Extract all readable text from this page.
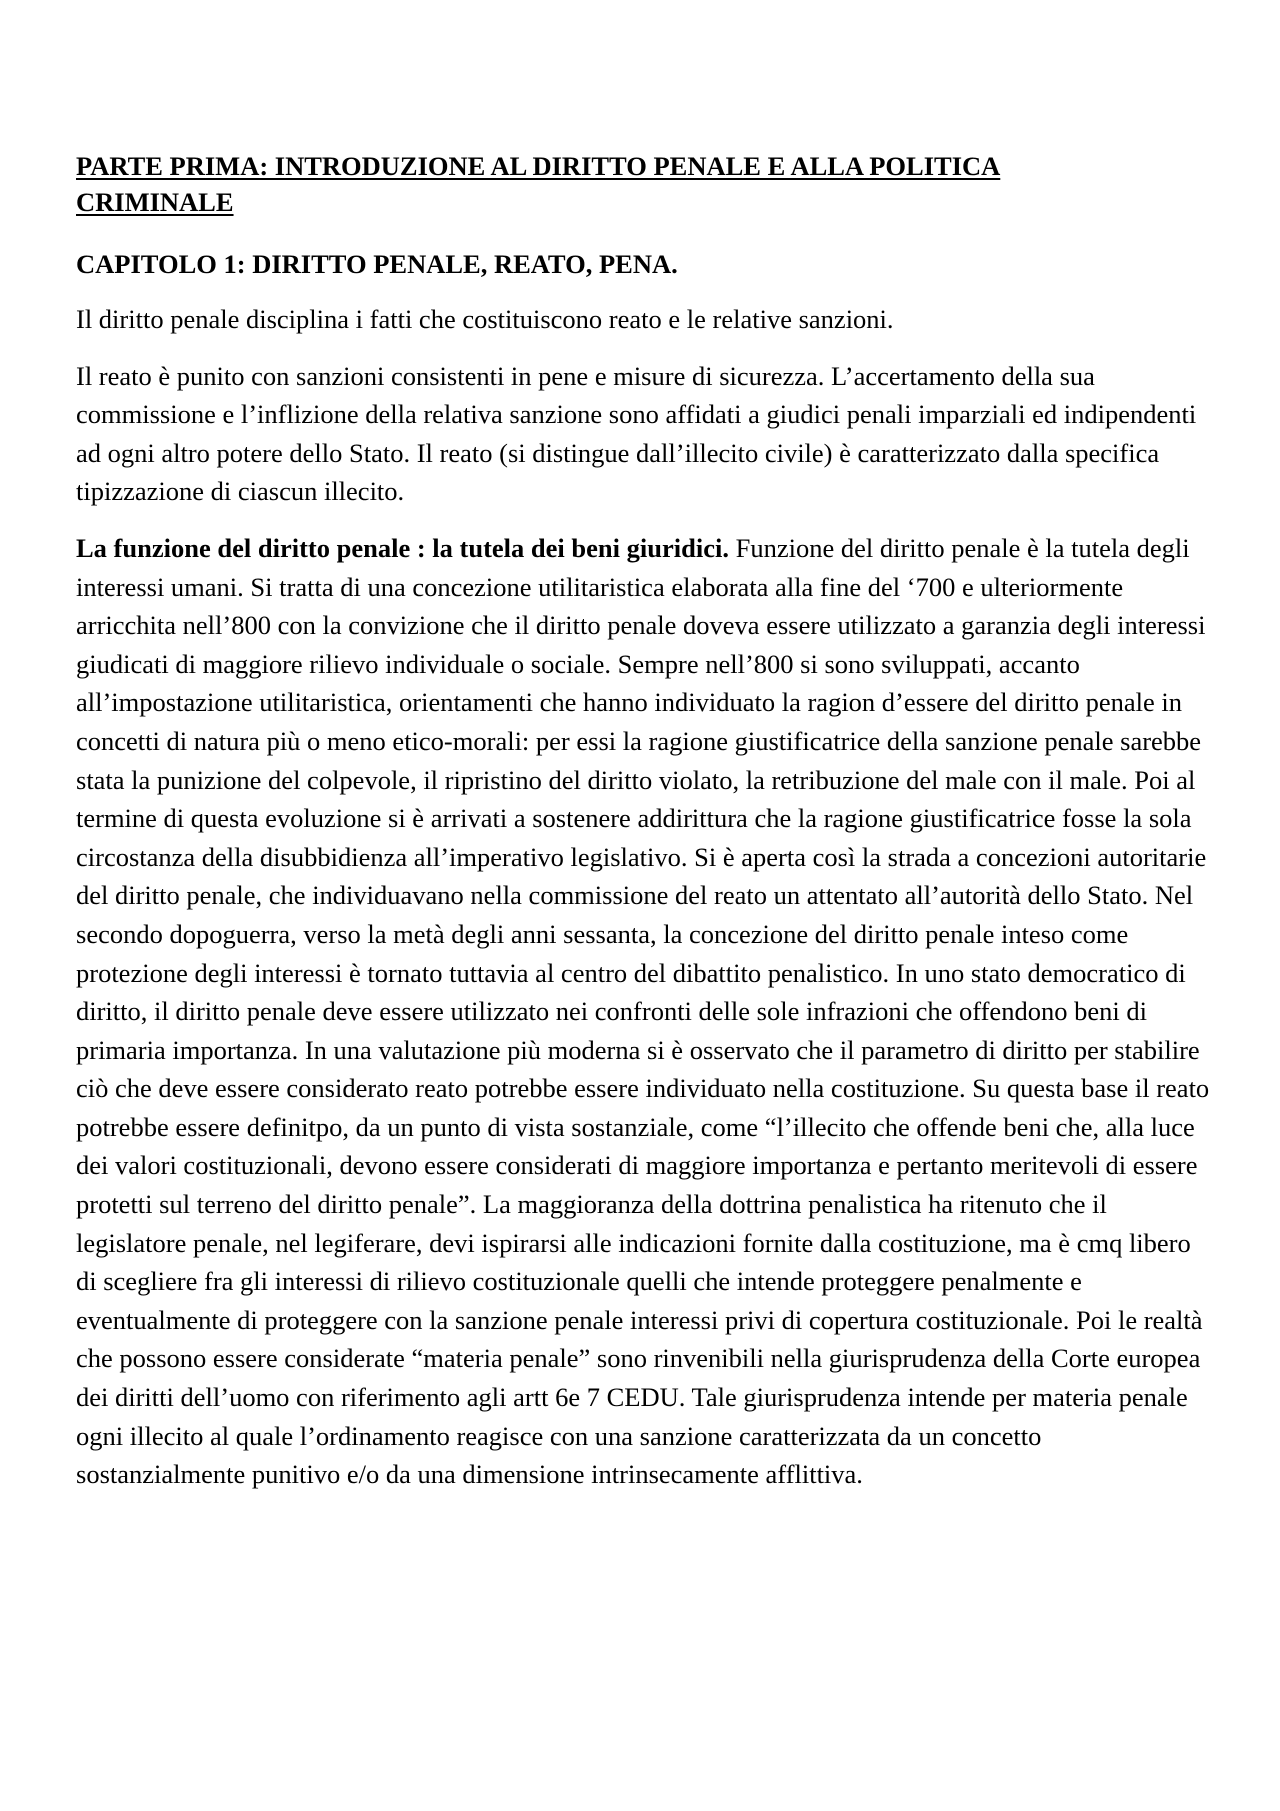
PARTE PRIMA: INTRODUZIONE AL DIRITTO PENALE E ALLA POLITICA CRIMINALE
CAPITOLO 1: DIRITTO PENALE, REATO, PENA.

Il diritto penale disciplina i fatti che costituiscono reato e le relative sanzioni.

Il reato è punito con sanzioni consistenti in pene e misure di sicurezza. L’accertamento della sua commissione e l’inflizione della relativa sanzione sono affidati a giudici penali imparziali ed indipendenti ad ogni altro potere dello Stato. Il reato (si distingue dall’illecito civile) è caratterizzato dalla specifica tipizzazione di ciascun illecito.

La funzione del diritto penale : la tutela dei beni giuridici. Funzione del diritto penale è la tutela degli interessi umani. Si tratta di una concezione utilitaristica elaborata alla fine del ‘700 e ulteriormente arricchita nell’800 con la convizione che il diritto penale doveva essere utilizzato a garanzia degli interessi giudicati di maggiore rilievo individuale o sociale. Sempre nell’800 si sono sviluppati, accanto all’impostazione utilitaristica, orientamenti che hanno individuato la ragion d’essere del diritto penale in concetti di natura più o meno etico-morali: per essi la ragione giustificatrice della sanzione penale sarebbe stata la punizione del colpevole, il ripristino del diritto violato, la retribuzione del male con il male. Poi al termine di questa evoluzione si è arrivati a sostenere addirittura che la ragione giustificatrice fosse la sola circostanza della disubbidienza all’imperativo legislativo. Si è aperta così la strada a concezioni autoritarie del diritto penale, che individuavano nella commissione del reato un attentato all’autorità dello Stato. Nel secondo dopoguerra, verso la metà degli anni sessanta, la concezione del diritto penale inteso come protezione degli interessi è tornato tuttavia al centro del dibattito penalistico. In uno stato democratico di diritto, il diritto penale deve essere utilizzato nei confronti delle sole infrazioni che offendono beni di primaria importanza. In una valutazione più moderna si è osservato che il parametro di diritto per stabilire ciò che deve essere considerato reato potrebbe essere individuato nella costituzione. Su questa base il reato potrebbe essere definitpo, da un punto di vista sostanziale, come “l’illecito che offende beni che, alla luce dei valori costituzionali, devono essere considerati di maggiore importanza e pertanto meritevoli di essere protetti sul terreno del diritto penale”. La maggioranza della dottrina penalistica ha ritenuto che il legislatore penale, nel legiferare, devi ispirarsi alle indicazioni fornite dalla costituzione, ma è cmq libero di scegliere fra gli interessi di rilievo costituzionale quelli che intende proteggere penalmente e eventualmente di proteggere con la sanzione penale interessi privi di copertura costituzionale. Poi le realtà che possono essere considerate “materia penale” sono rinvenibili nella giurisprudenza della Corte europea dei diritti dell’uomo con riferimento agli artt 6e 7 CEDU. Tale giurisprudenza intende per materia penale ogni illecito al quale l’ordinamento reagisce con una sanzione caratterizzata da un concetto sostanzialmente punitivo e/o da una dimensione intrinsecamente afflittiva.
